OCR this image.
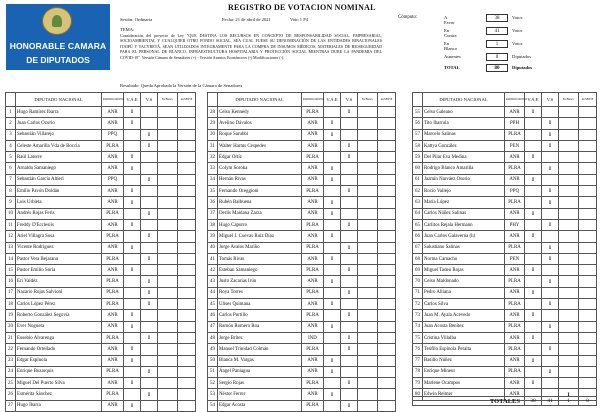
HONORABLE CAMARA
DE DIPUTADOS
REGISTRO DE VOTACION NOMINAL
Sesión: Ordinaria	Fecha: 21 de abril de 2021	Voto 1 P4
TEMA:
Consideración del proyecto de Ley "QUE DESTINA LOS RECURSOS EN CONCEPTO DE RESPONSABILIDAD SOCIAL, EMPRESARIAL, SOCIOAMBIENTAL Y CUALQUIER OTRO FONDO SOCIAL, SEA CUAL FUESE SU DENOMINACIÓN DE LAS ENTIDADES BINACIONALES ITAIPÚ Y YACYRETÁ, SEAN UTILIZADOS INTEGRAMENTE PARA LA COMPRA DE INSUMOS MÉDICOS, MATERIALES DE BIOSEGURIDAD PARA EL PERSONAL DE BLANCO, INFRAESTRUCTURA HOSPITALARIA Y PROTECCIÓN SOCIAL MIENTRAS DURE LA PANDEMIA DEL COVID-19". Versión Cámara de Senadores (+) - Versión Asuntos Económicos (-) Modificaciones (-).
Resultado: Queda Aprobada la Versión de la Cámara de Senadores
Cómputo:	A Favor
38	Votos
En Contra
41	Votos
En Blanco
1	Votos
Ausentes	0	Diputados
TOTAL	80	Diputados
	DIPUTADO NACIONAL	PARTIDO MOVIM	V.A.E	V.S	En Blanco	AUSENTE
1	Hugo Ramírez Ibarra	ANR	I			
2	Juan Carlos Ozorio	ANR	I			
3	Sebastián Villarejo	PPQ		I		
4	Celeste Amarilla Vda de Boccia	PLRA		I		
5	Raúl Latorre	ANR	I			
6	Arnaldo Samaniego	ANR	I			
7	Sebastián García Altieri	PPQ		I		
8	Emilio Pavón Doldán	ANR	I			
9	Luis Urbieta	ANR	I			
10	Andrés Rojas Feris	PLRA		I		
11	Freddy D'Ecclesiis	ANR	I			
12	Ariel Villagra Sosa	PLRA		I		
13	Vicente Rodríguez	ANR	I			
14	Pastor Vera Bejarano	PLRA		I		
15	Pastor Emilio Soria	ANR	I			
16	Eri Valdéz	PLRA		I		
17	Nazario Rojas Salvioni	PLRA		I		
18	Carlos López Pérez	PLRA		I		
19	Roberto González Segovia	ANR	I			
20	Ever Noguera	ANR	I			
21	Eusebio Alvarenga	PLRA		I		
22	Fernando Ortellado	ANR	I			
23	Edgar Espínola	ANR	I			
24	Enrique Buzarquis	PLRA		I		
25	Miguel Del Puerto Silva	ANR	I			
26	Esmérita Sánchez	PLRA		I		
27	Hugo Ibarra	ANR	I			
	DIPUTADO NACIONAL	PARTIDO MOVIM	V.A.E	V.S	En Blanco	AUSENTE
28	Celso Kennedy	PLRA		I		
29	Avelino Dávalos	ANR	I			
30	Roque Sarubbi	ANR	I			
31	Walter Harms Cespedes	ANR		I		
32	Edgar Ortíz	PLRA		I		
33	Colym Soroka	ANR	I			
34	Hernán Rivas	ANR	I			
35	Fernando Oreggioni	PLRA		I		
36	Rubén Balbuena	ANR	I			
37	Derlis Maidana Zarza	ANR	I			
38	Hugo Capurro	PLRA		I		
39	Miguel J. Cuevas Ruíz Díaz	ANR	I			
40	Jorge Avalos Mariño	PLRA		I		
41	Tomás Rivas	ANR	I			
42	Esteban Samaniego	PLRA		I		
43	Justo Zacarías Irún	ANR	I			
44	Roya Torres	PLRA		I		
45	Ulises Quintana	ANR	I			
46	Carlos Portillo	PLRA		I		
47	Ramón Romero Roa	ANR	I			
48	Jorge Brítez	IND		I		
49	Manuel Trinidad Colmán	PLRA		I		
50	Blanca M. Vargas	ANR	I			
51	Ángel Paniagua	ANR	I			
52	Sergio Rojas	PLRA		I		
53	Néstor Ferrer	ANR	I			
54	Edgar Acosta	PLRA		I		
	DIPUTADO NACIONAL	PARTIDO MOVIM	V.A.E	V.S	En Blanco	AUSENTE
55	Celso Galeano	ANR	I			
56	Tito Ibarrola	PPH		I		
57	Marcelo Salinas	PLRA		I		
58	Kattya González	PEN		I		
59	Del Pilar Eva Medina	ANR	I			
60	Rodrigo Blanco Amarilla	PLRA		I		
61	Jazmín Narváez Osorio	ANR	I			
62	Rocío Vallejo	PPQ		I		
63	María López	PLRA		I		
64	Carlos Núñez Salinas	ANR	I			
65	Carlitos Rejala Hermann	PHY		I		
66	Juan Carlos Galaverna (h)	ANR	I			
67	Salustiano Salinas	PLRA		I		
68	Norma Camacho	PEN		I		
69	Miguel Tadeo Rojas	ANR	I			
70	Celso Maldonado	PLRA		I		
71	Pedro Alliana	ANR	I			
72	Carlos Silva	PLRA		I		
73	Juan M. Ayala Acevedo	ANR	I			
74	Juan Acosta Benítez	PLRA		I		
75	Cristina Villalba	ANR	I			
76	Teófilo Espínola Peralta	PLRA		I		
77	Basilio Núñez	ANR	I			
78	Enrique Mineur	PLRA		I		
79	Marlene Ocampos	ANR	I			
80	Edwin Reimer	ANR			I	
TOTALES	38	41	1	0
